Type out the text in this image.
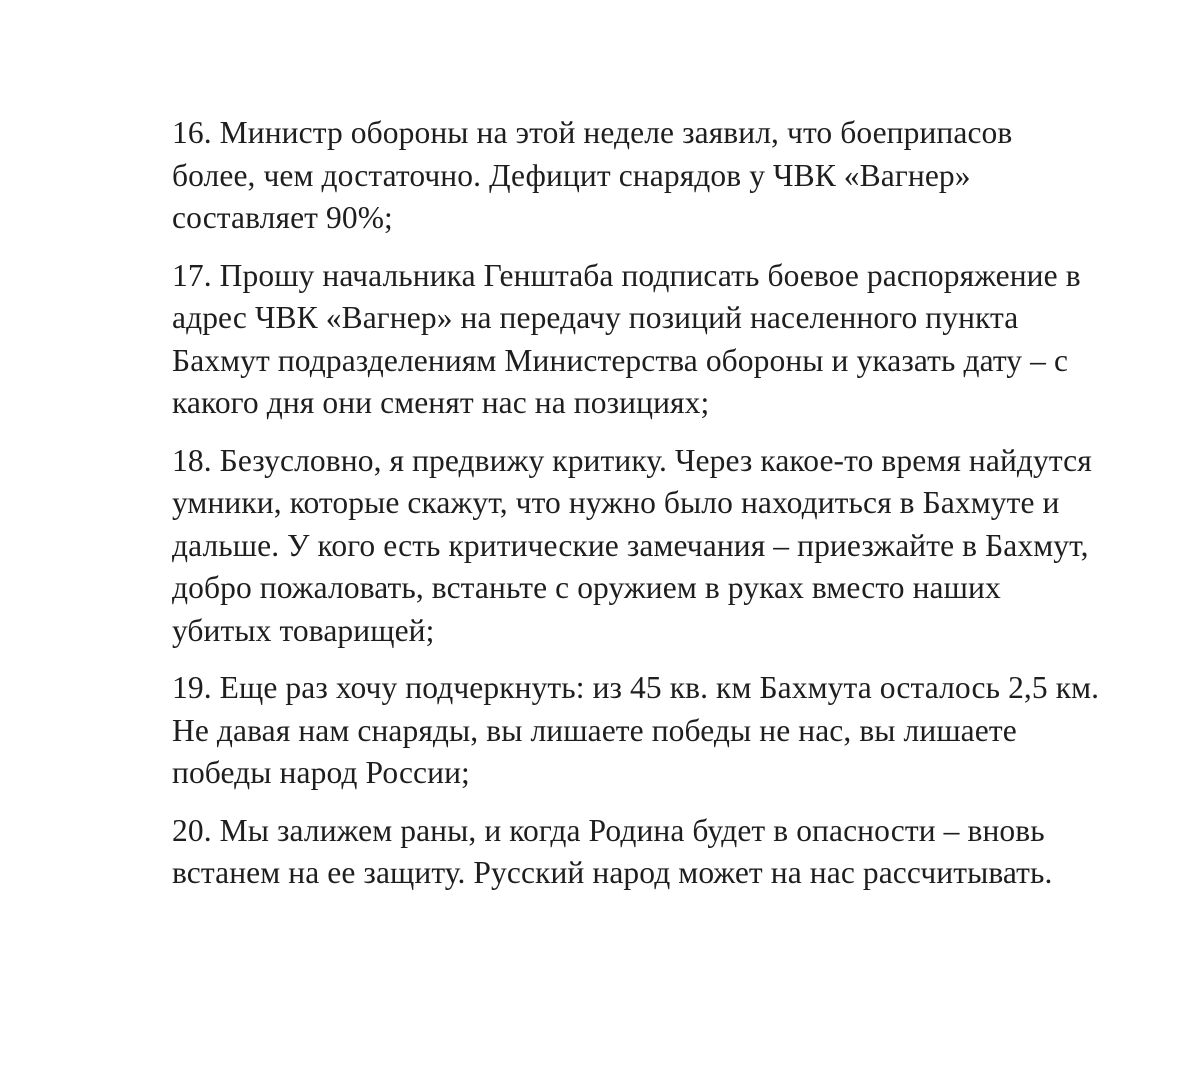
16. Министр обороны на этой неделе заявил, что боеприпасов
более, чем достаточно. Дефицит снарядов у ЧВК «Вагнер»
составляет 90%;

17. Прошу начальника Генштаба подписать боевое распоряжение в
адрес ЧВК «Вагнер» на передачу позиций населенного пункта
Бахмут подразделениям Министерства обороны и указать дату – с
какого дня они сменят нас на позициях;

18. Безусловно, я предвижу критику. Через какое-то время найдутся
умники, которые скажут, что нужно было находиться в Бахмуте и
дальше. У кого есть критические замечания – приезжайте в Бахмут,
добро пожаловать, встаньте с оружием в руках вместо наших
убитых товарищей;

19. Еще раз хочу подчеркнуть: из 45 кв. км Бахмута осталось 2,5 км.
Не давая нам снаряды, вы лишаете победы не нас, вы лишаете
победы народ России;

20. Мы залижем раны, и когда Родина будет в опасности – вновь
встанем на ее защиту. Русский народ может на нас рассчитывать.
